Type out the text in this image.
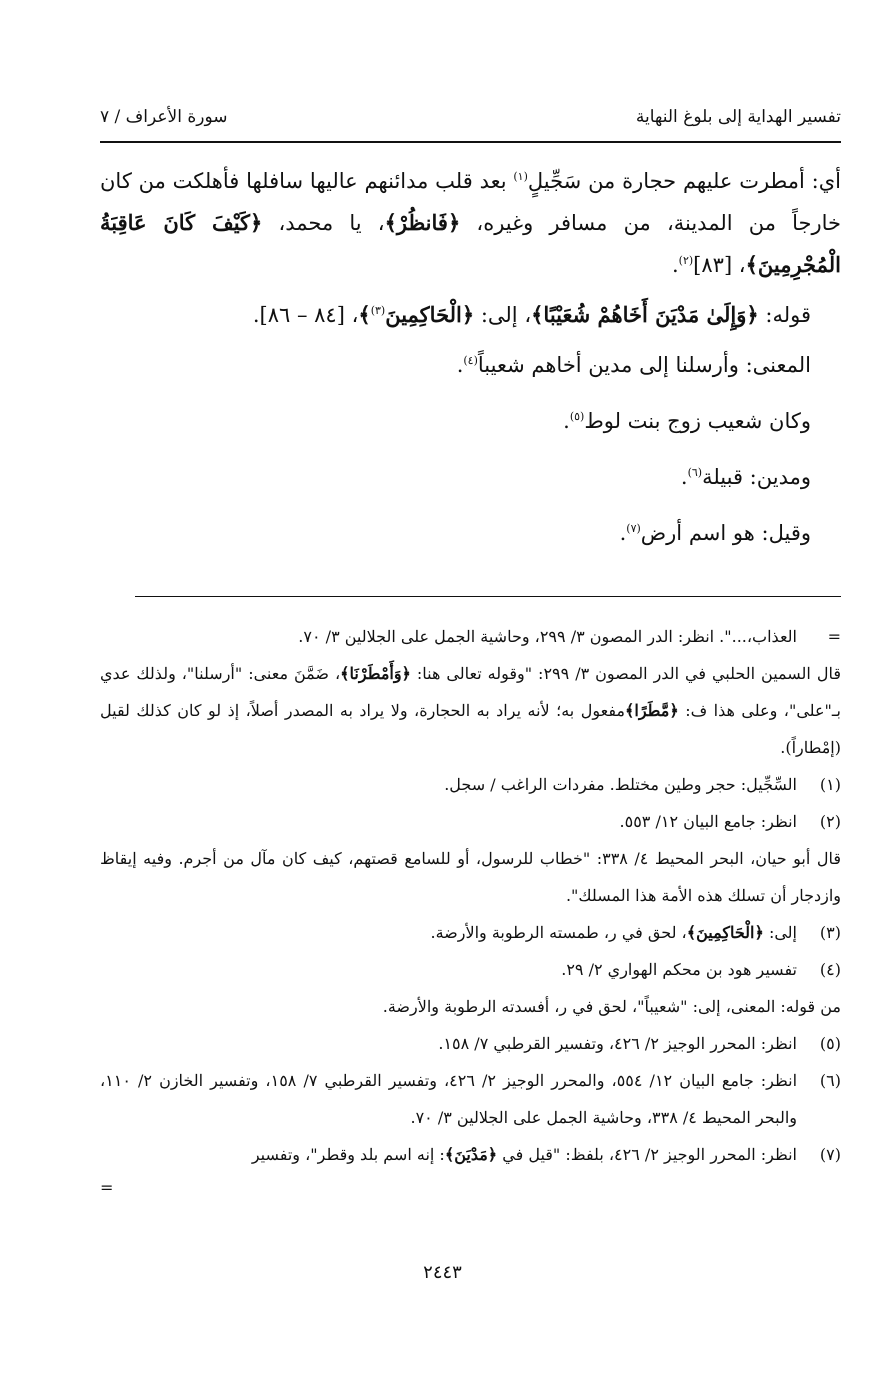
تفسير الهداية إلى بلوغ النهاية
سورة الأعراف / ٧

أي: أمطرت عليهم حجارة من سَجِّيلٍ$^{(١)}$ بعد قلب مدائنهم عاليها سافلها فأهلكت من كان خارجاً من المدينة، من مسافر وغيره، ﴿فَانظُرْ﴾، يا محمد، ﴿كَيْفَ كَانَ عَاقِبَةُ الْمُجْرِمِينَ﴾، [٨٣]$^{(٢)}$.

قوله: ﴿وَإِلَىٰ مَدْيَنَ أَخَاهُمْ شُعَيْبًا﴾، إلى: ﴿الْحَاكِمِينَ$^{(٣)}$﴾، [٨٤ – ٨٦].

المعنى: وأرسلنا إلى مدين أخاهم شعيباً$^{(٤)}$.

وكان شعيب زوج بنت لوط$^{(٥)}$.

ومدين: قبيلة$^{(٦)}$.

وقيل: هو اسم أرض$^{(٧)}$.

=
العذاب،...". انظر: الدر المصون ٣/ ٢٩٩، وحاشية الجمل على الجلالين ٣/ ٧٠.
قال السمين الحلبي في الدر المصون ٣/ ٢٩٩: "وقوله تعالى هنا: ﴿وَأَمْطَرْنَا﴾، ضَمَّنَ معنى: "أرسلنا"، ولذلك عدي بـ"على"، وعلى هذا ف: ﴿مَّطَرًا﴾مفعول به؛ لأنه يراد به الحجارة، ولا يراد به المصدر أصلاً، إذ لو كان كذلك لقيل (إمْطاراً).
(١)
السِّجِّيل: حجر وطين مختلط. مفردات الراغب / سجل.
(٢)
انظر: جامع البيان ١٢/ ٥٥٣.
قال أبو حيان، البحر المحيط ٤/ ٣٣٨: "خطاب للرسول، أو للسامع قصتهم، كيف كان مآل من أجرم. وفيه إيقاظ وازدجار أن تسلك هذه الأمة هذا المسلك".
(٣)
إلى: ﴿الْحَاكِمِينَ﴾، لحق في ر، طمسته الرطوبة والأرضة.
(٤)
تفسير هود بن محكم الهواري ٢/ ٢٩.
من قوله: المعنى، إلى: "شعيباً"، لحق في ر، أفسدته الرطوبة والأرضة.
(٥)
انظر: المحرر الوجيز ٢/ ٤٢٦، وتفسير القرطبي ٧/ ١٥٨.
(٦)
انظر: جامع البيان ١٢/ ٥٥٤، والمحرر الوجيز ٢/ ٤٢٦، وتفسير القرطبي ٧/ ١٥٨، وتفسير الخازن ٢/ ١١٠، والبحر المحيط ٤/ ٣٣٨، وحاشية الجمل على الجلالين ٣/ ٧٠.
(٧)
انظر: المحرر الوجيز ٢/ ٤٢٦، بلفظ: "قيل في ﴿مَدْيَنَ﴾: إنه اسم بلد وقطر"، وتفسير
=
٢٤٤٣
